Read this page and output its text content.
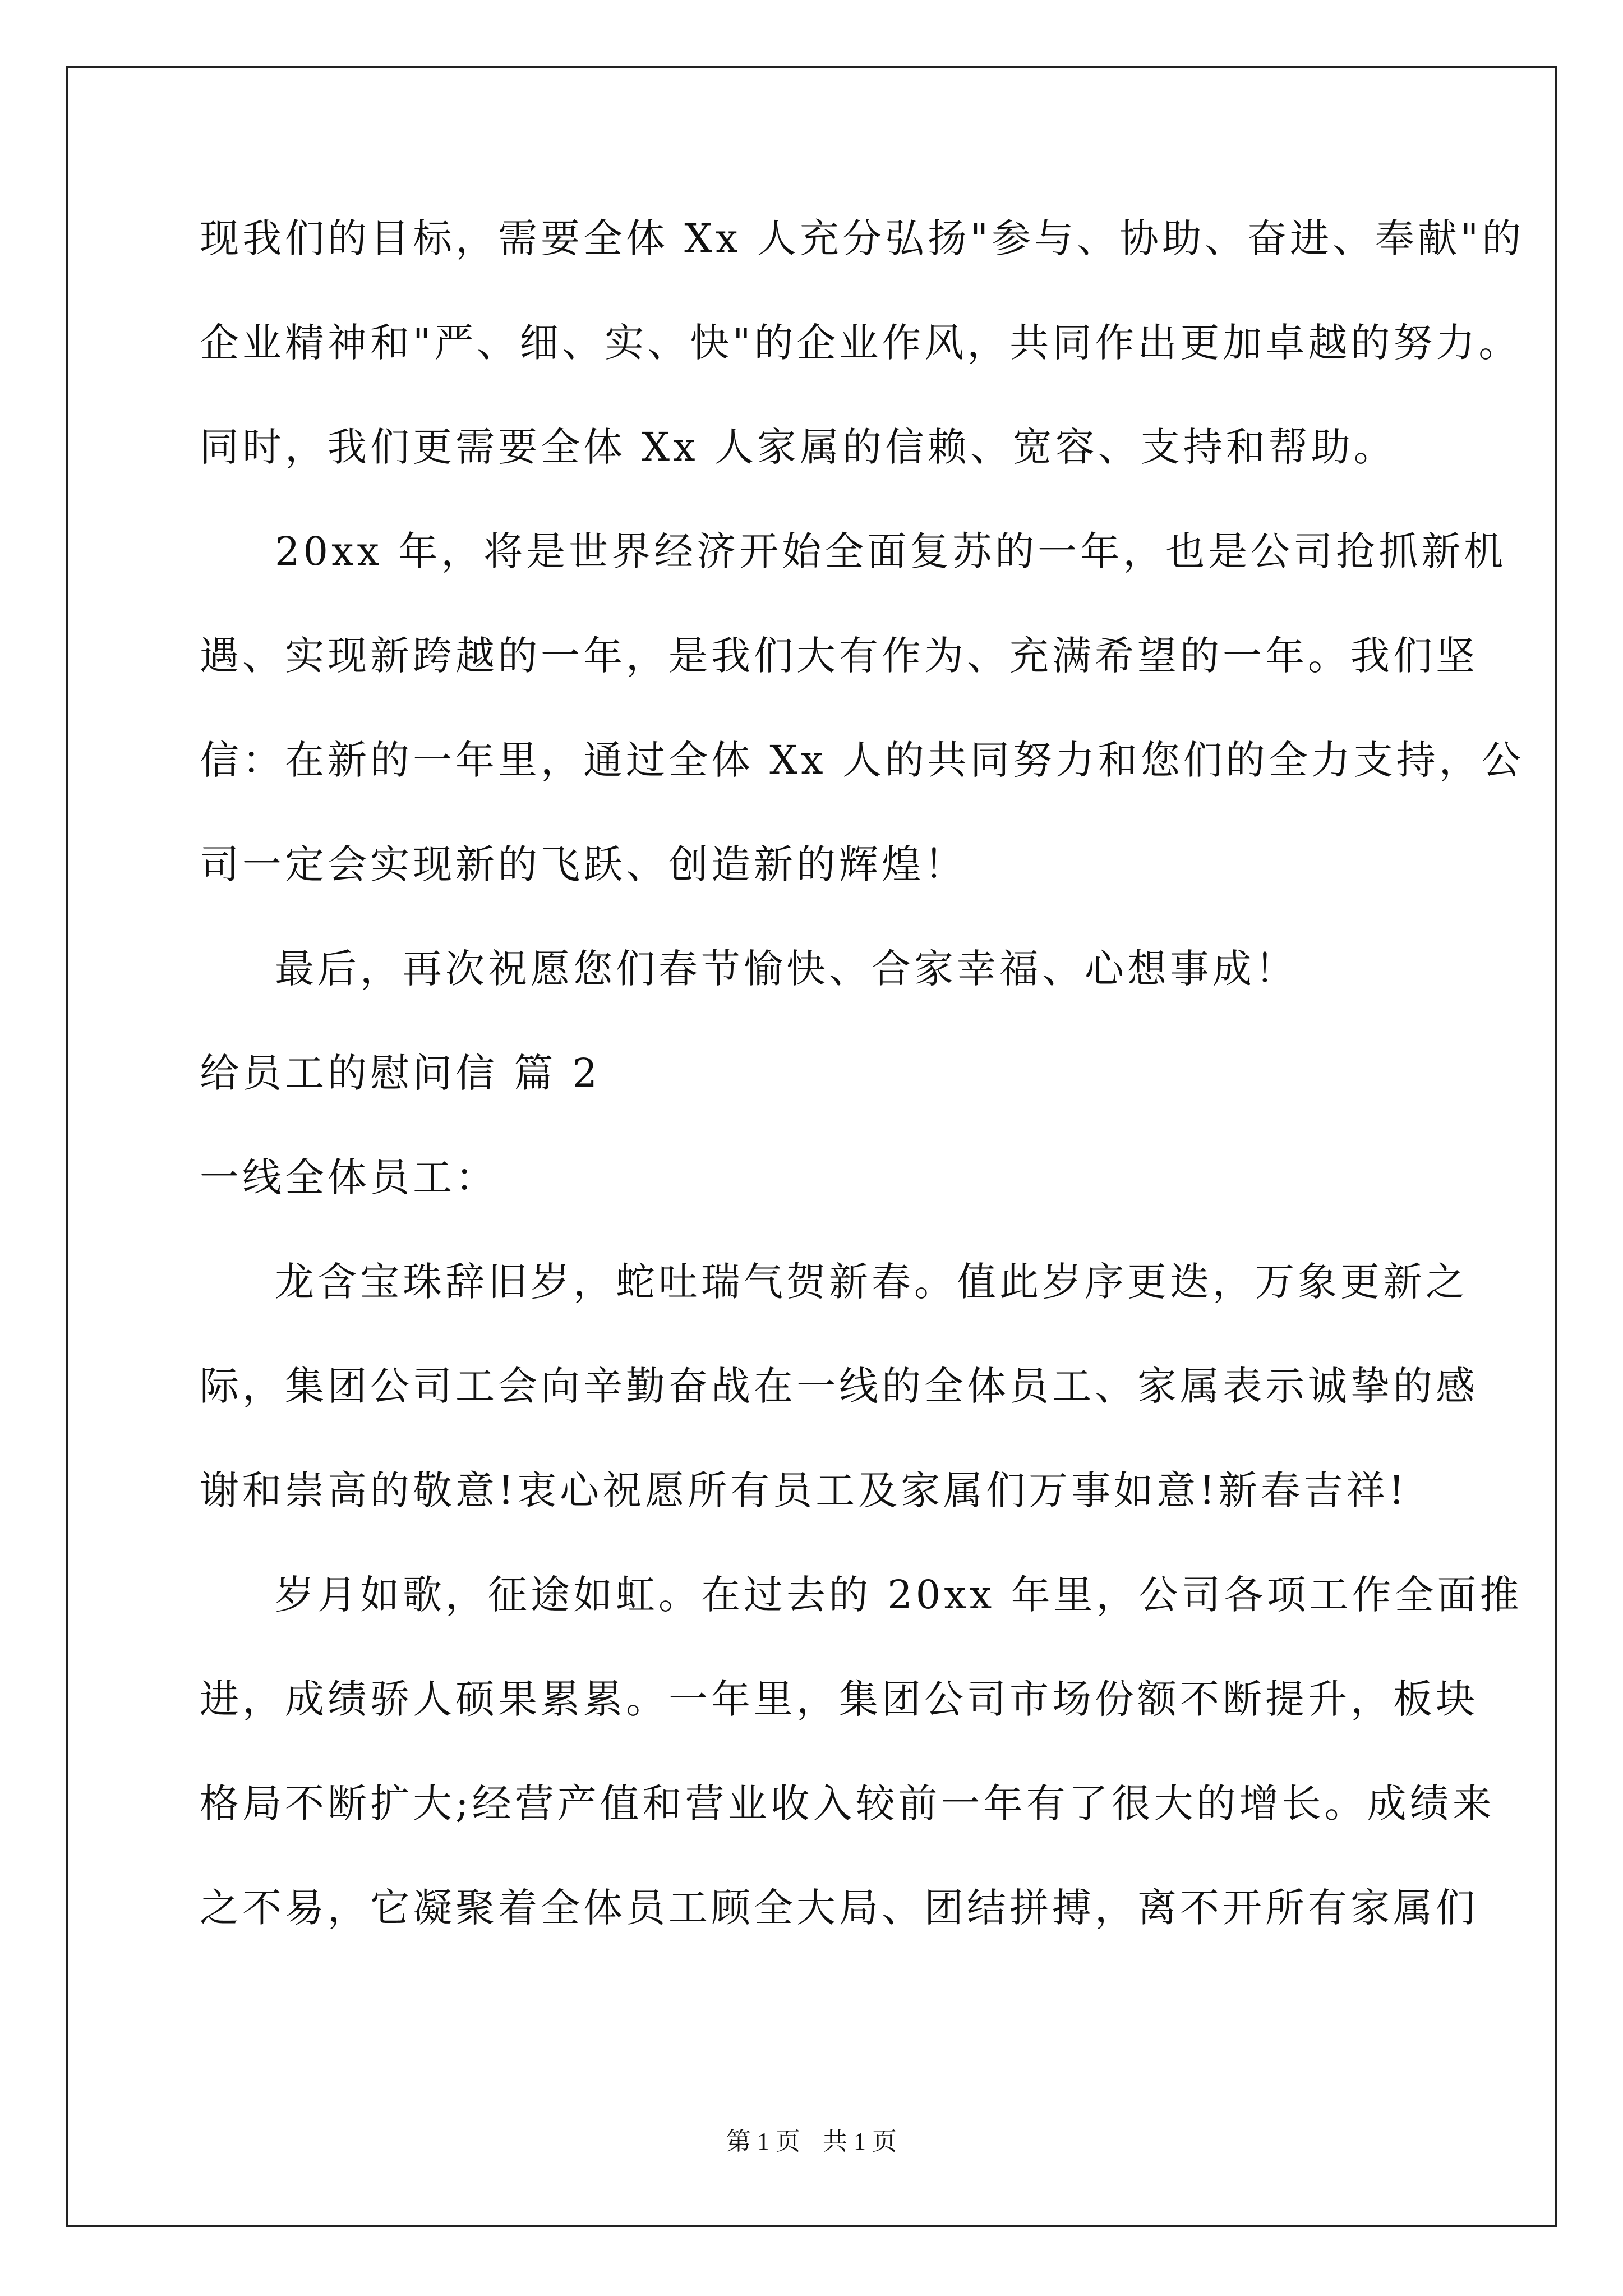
现我们的目标，需要全体 Xx 人充分弘扬"参与、协助、奋进、奉献"的
企业精神和"严、细、实、快"的企业作风，共同作出更加卓越的努力。
同时，我们更需要全体 Xx 人家属的信赖、宽容、支持和帮助。
20xx 年，将是世界经济开始全面复苏的一年，也是公司抢抓新机
遇、实现新跨越的一年，是我们大有作为、充满希望的一年。我们坚
信：在新的一年里，通过全体 Xx 人的共同努力和您们的全力支持，公
司一定会实现新的飞跃、创造新的辉煌！
最后，再次祝愿您们春节愉快、合家幸福、心想事成！
给员工的慰问信 篇 2
一线全体员工：
龙含宝珠辞旧岁，蛇吐瑞气贺新春。值此岁序更迭，万象更新之
际，集团公司工会向辛勤奋战在一线的全体员工、家属表示诚挚的感
谢和崇高的敬意!衷心祝愿所有员工及家属们万事如意!新春吉祥!
岁月如歌，征途如虹。在过去的 20xx 年里，公司各项工作全面推
进，成绩骄人硕果累累。一年里，集团公司市场份额不断提升，板块
格局不断扩大;经营产值和营业收入较前一年有了很大的增长。成绩来
之不易，它凝聚着全体员工顾全大局、团结拼搏，离不开所有家属们
第 1 页 共 1 页
